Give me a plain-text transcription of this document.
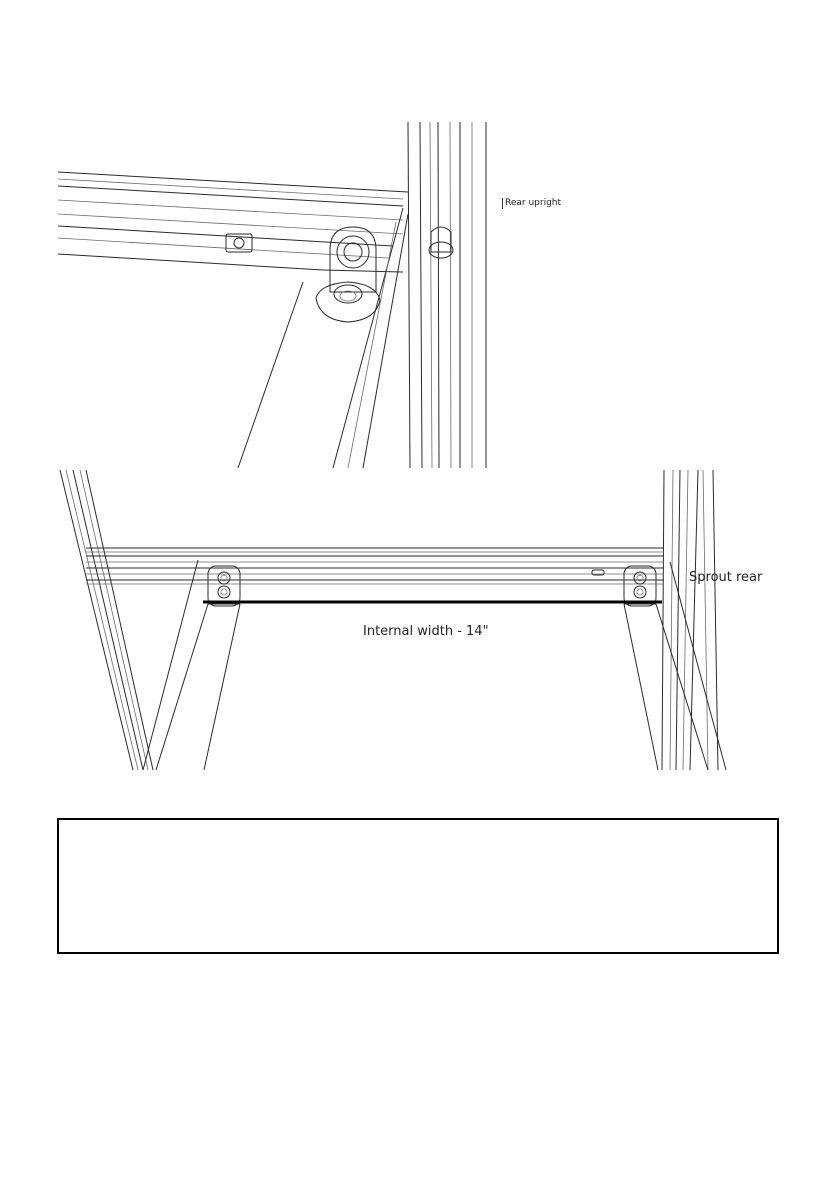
Rear upright
Sprout rear
Internal width - 14"
